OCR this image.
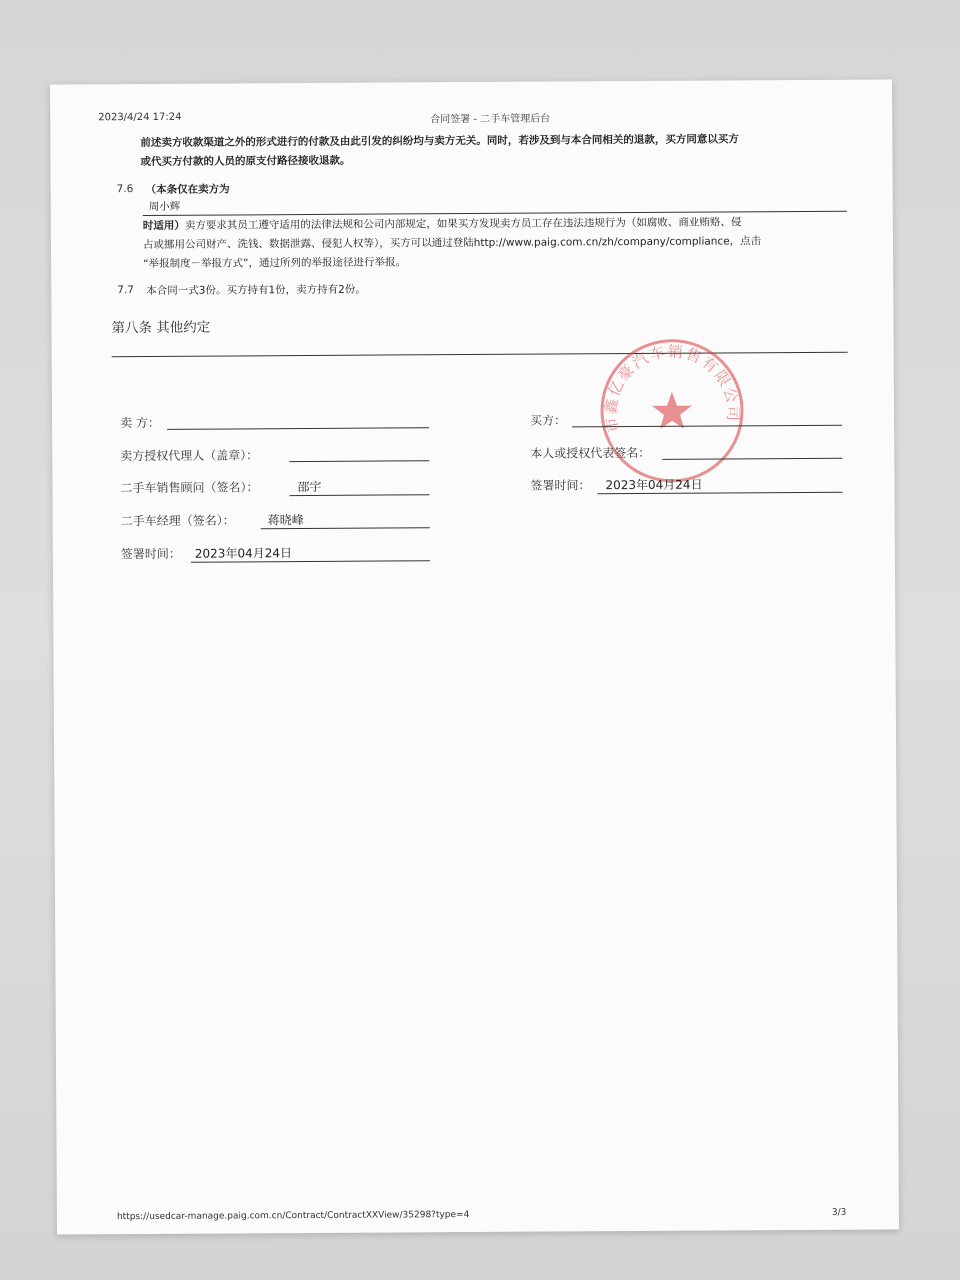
2023/4/24 17:24	合同签署 - 二手车管理后台
前述卖方收款渠道之外的形式进行的付款及由此引发的纠纷均与卖方无关。同时，若涉及到与本合同相关的退款，买方同意以买方
或代买方付款的人员的原支付路径接收退款。
7.6 （本条仅在卖方为
周小辉
时适用）卖方要求其员工遵守适用的法律法规和公司内部规定，如果买方发现卖方员工存在违法违规行为（如腐败、商业贿赂、侵
占或挪用公司财产、洗钱、数据泄露、侵犯人权等），买方可以通过登陆http://www.paig.com.cn/zh/company/compliance，点击
“举报制度－举报方式”，通过所列的举报途径进行举报。
7.7 本合同一式3份。买方持有1份，卖方持有2份。
第八条 其他约定
市鑫亿豪汽车销售有限公司
卖 方：
卖方授权代理人（盖章）：
二手车销售顾问（签名）：	邵宇
二手车经理（签名）：	蒋晓峰
签署时间： 2023年04月24日
买方：
本人或授权代表签名：
签署时间： 2023年04月24日
https://usedcar-manage.paig.com.cn/Contract/ContractXXView/35298?type=4	3/3
